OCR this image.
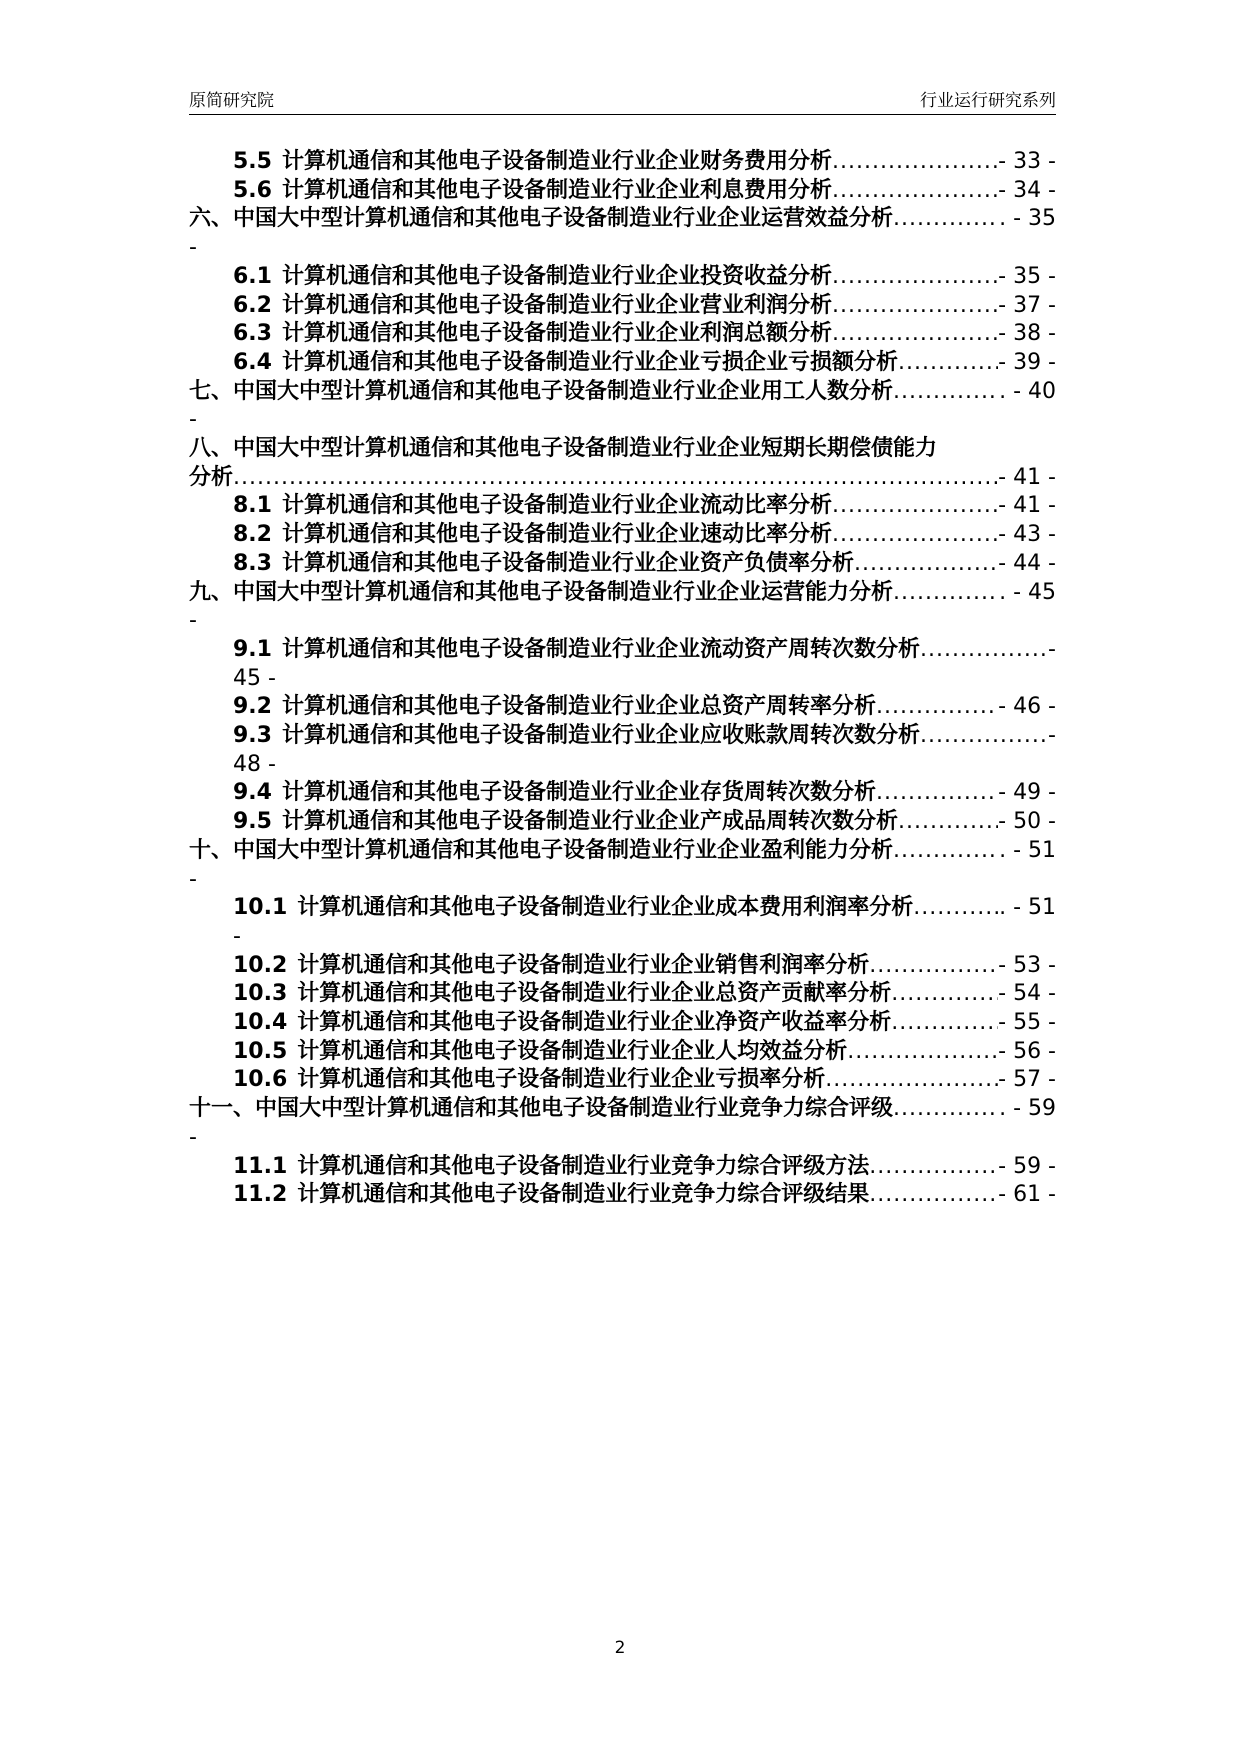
原简研究院	行业运行研究系列
5.5 计算机通信和其他电子设备制造业行业企业财务费用分析 .....	- 33 -
5.6 计算机通信和其他电子设备制造业行业企业利息费用分析 .....	- 34 -
六、中国大中型计算机通信和其他电子设备制造业行业企业运营效益分析 .....	. - 35
-
6.1 计算机通信和其他电子设备制造业行业企业投资收益分析 .....	- 35 -
6.2 计算机通信和其他电子设备制造业行业企业营业利润分析 .....	- 37 -
6.3 计算机通信和其他电子设备制造业行业企业利润总额分析 .....	- 38 -
6.4 计算机通信和其他电子设备制造业行业企业亏损企业亏损额分析 .....	- 39 -
七、中国大中型计算机通信和其他电子设备制造业行业企业用工人数分析 .....	. - 40
-
八、中国大中型计算机通信和其他电子设备制造业行业企业短期长期偿债能力
分析 .....	- 41 -
8.1 计算机通信和其他电子设备制造业行业企业流动比率分析 .....	- 41 -
8.2 计算机通信和其他电子设备制造业行业企业速动比率分析 .....	- 43 -
8.3 计算机通信和其他电子设备制造业行业企业资产负债率分析 .....	- 44 -
九、中国大中型计算机通信和其他电子设备制造业行业企业运营能力分析 .....	. - 45
-
9.1 计算机通信和其他电子设备制造业行业企业流动资产周转次数分析 .....	-
45 -
9.2 计算机通信和其他电子设备制造业行业企业总资产周转率分析 .....	- 46 -
9.3 计算机通信和其他电子设备制造业行业企业应收账款周转次数分析 .....	-
48 -
9.4 计算机通信和其他电子设备制造业行业企业存货周转次数分析 .....	- 49 -
9.5 计算机通信和其他电子设备制造业行业企业产成品周转次数分析 .....	- 50 -
十、中国大中型计算机通信和其他电子设备制造业行业企业盈利能力分析 .....	. - 51
-
10.1 计算机通信和其他电子设备制造业行业企业成本费用利润率分析 .....	. - 51
-
10.2 计算机通信和其他电子设备制造业行业企业销售利润率分析 .....	- 53 -
10.3 计算机通信和其他电子设备制造业行业企业总资产贡献率分析 .....	- 54 -
10.4 计算机通信和其他电子设备制造业行业企业净资产收益率分析 .....	- 55 -
10.5 计算机通信和其他电子设备制造业行业企业人均效益分析 .....	- 56 -
10.6 计算机通信和其他电子设备制造业行业企业亏损率分析 .....	- 57 -
十一、中国大中型计算机通信和其他电子设备制造业行业竞争力综合评级 .....	. - 59
-
11.1 计算机通信和其他电子设备制造业行业竞争力综合评级方法 .....	- 59 -
11.2 计算机通信和其他电子设备制造业行业竞争力综合评级结果 .....	- 61 -
2
